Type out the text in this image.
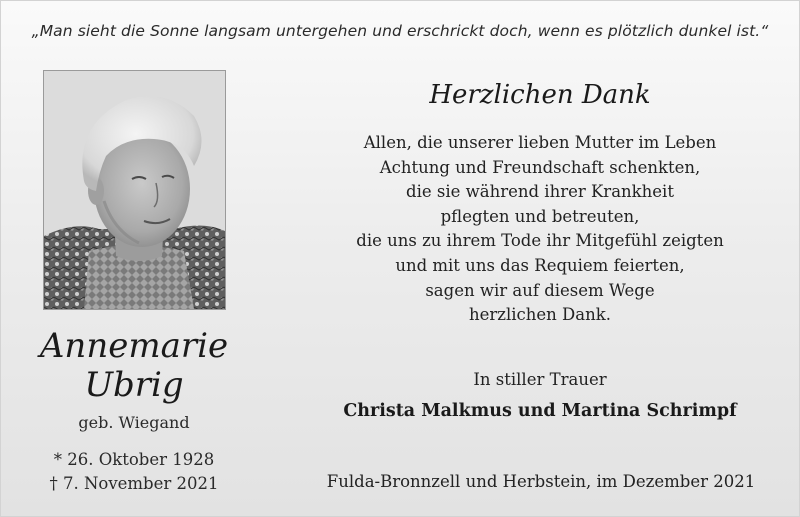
„Man sieht die Sonne langsam untergehen und erschrickt doch, wenn es plötzlich dunkel ist.“
Annemarie
Ubrig
geb. Wiegand
* 26. Oktober 1928
† 7. November 2021
Herzlichen Dank
Allen, die unserer lieben Mutter im Leben
Achtung und Freundschaft schenkten,
die sie während ihrer Krankheit
pflegten und betreuten,
die uns zu ihrem Tode ihr Mitgefühl zeigten
und mit uns das Requiem feierten,
sagen wir auf diesem Wege
herzlichen Dank.
In stiller Trauer
Christa Malkmus und Martina Schrimpf
Fulda-Bronnzell und Herbstein, im Dezember 2021
